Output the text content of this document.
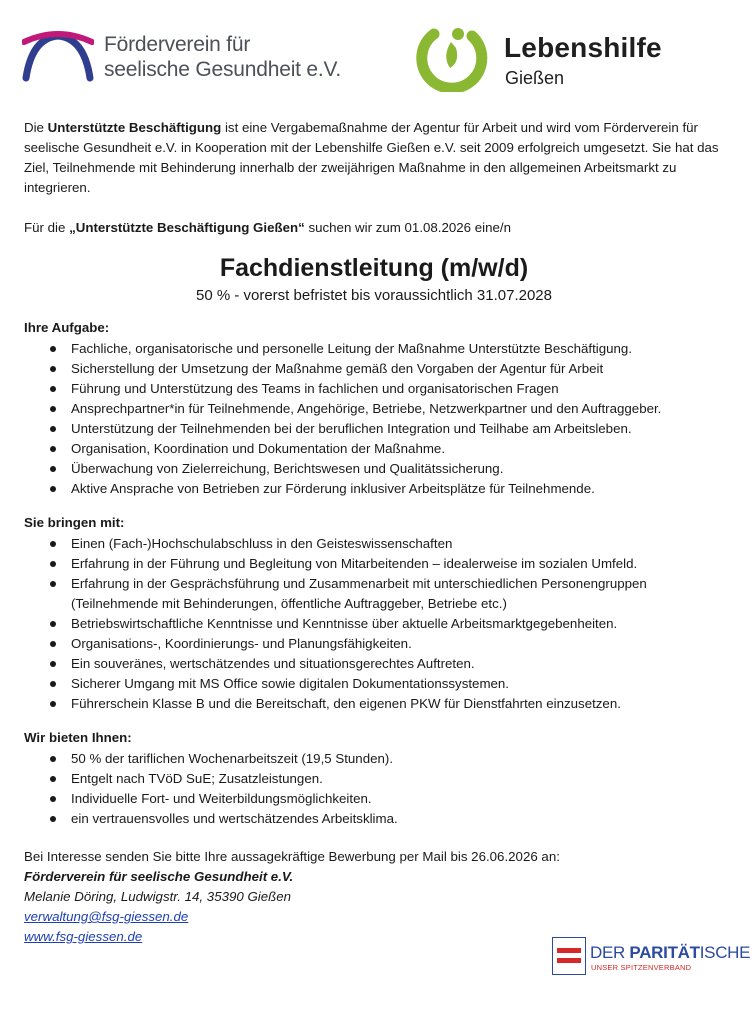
Förderverein für
seelische Gesundheit e.V.
Lebenshilfe
Gießen

Die Unterstützte Beschäftigung ist eine Vergabemaßnahme der Agentur für Arbeit und wird vom Förderverein für seelische Gesundheit e.V. in Kooperation mit der Lebenshilfe Gießen e.V. seit 2009 erfolgreich umgesetzt. Sie hat das Ziel, Teilnehmende mit Behinderung innerhalb der zweijährigen Maßnahme in den allgemeinen Arbeitsmarkt zu integrieren.

Für die „Unterstützte Beschäftigung Gießen“ suchen wir zum 01.08.2026 eine/n

Fachdienstleitung (m/w/d)
50 % - vorerst befristet bis voraussichtlich 31.07.2028
Ihre Aufgabe:
Fachliche, organisatorische und personelle Leitung der Maßnahme Unterstützte Beschäftigung.
Sicherstellung der Umsetzung der Maßnahme gemäß den Vorgaben der Agentur für Arbeit
Führung und Unterstützung des Teams in fachlichen und organisatorischen Fragen
Ansprechpartner*in für Teilnehmende, Angehörige, Betriebe, Netzwerkpartner und den Auftraggeber.
Unterstützung der Teilnehmenden bei der beruflichen Integration und Teilhabe am Arbeitsleben.
Organisation, Koordination und Dokumentation der Maßnahme.
Überwachung von Zielerreichung, Berichtswesen und Qualitätssicherung.
Aktive Ansprache von Betrieben zur Förderung inklusiver Arbeitsplätze für Teilnehmende.
Sie bringen mit:
Einen (Fach-)Hochschulabschluss in den Geisteswissenschaften
Erfahrung in der Führung und Begleitung von Mitarbeitenden – idealerweise im sozialen Umfeld.
Erfahrung in der Gesprächsführung und Zusammenarbeit mit unterschiedlichen Personengruppen (Teilnehmende mit Behinderungen, öffentliche Auftraggeber, Betriebe etc.)
Betriebswirtschaftliche Kenntnisse und Kenntnisse über aktuelle Arbeitsmarktgegebenheiten.
Organisations-, Koordinierungs- und Planungsfähigkeiten.
Ein souveränes, wertschätzendes und situationsgerechtes Auftreten.
Sicherer Umgang mit MS Office sowie digitalen Dokumentationssystemen.
Führerschein Klasse B und die Bereitschaft, den eigenen PKW für Dienstfahrten einzusetzen.
Wir bieten Ihnen:
50 % der tariflichen Wochenarbeitszeit (19,5 Stunden).
Entgelt nach TVöD SuE; Zusatzleistungen.
Individuelle Fort- und Weiterbildungsmöglichkeiten.
ein vertrauensvolles und wertschätzendes Arbeitsklima.
Bei Interesse senden Sie bitte Ihre aussagekräftige Bewerbung per Mail bis 26.06.2026 an:
Förderverein für seelische Gesundheit e.V.
Melanie Döring, Ludwigstr. 14, 35390 Gießen
verwaltung@fsg-giessen.de
www.fsg-giessen.de
DER PARITÄTISCHE
UNSER SPITZENVERBAND
